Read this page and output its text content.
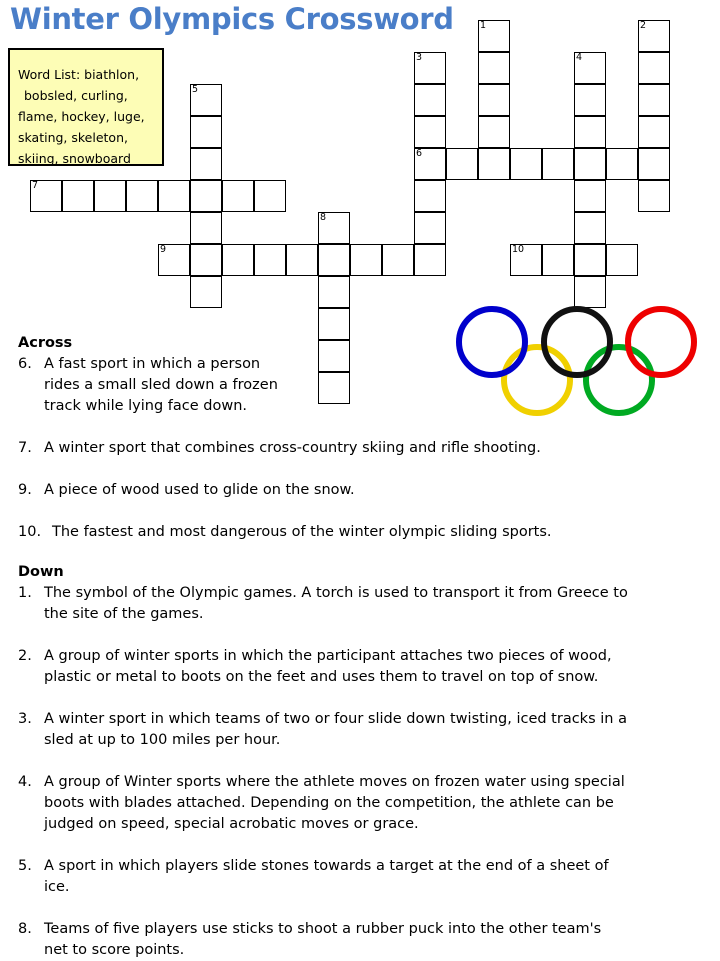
Winter Olympics Crossword
Word List: biathlon,
bobsled, curling,
flame, hockey, luge,
skating, skeleton,
skiing, snowboard
1	2
3	4
5
6
7
8
9	10
Across
6. A fast sport in which a person
rides a small sled down a frozen
track while lying face down.
7. A winter sport that combines cross-country skiing and rifle shooting.
9. A piece of wood used to glide on the snow.
10. The fastest and most dangerous of the winter olympic sliding sports.
Down
1. The symbol of the Olympic games. A torch is used to transport it from Greece to
the site of the games.
2. A group of winter sports in which the participant attaches two pieces of wood,
plastic or metal to boots on the feet and uses them to travel on top of snow.
3. A winter sport in which teams of two or four slide down twisting, iced tracks in a
sled at up to 100 miles per hour.
4. A group of Winter sports where the athlete moves on frozen water using special
boots with blades attached. Depending on the competition, the athlete can be
judged on speed, special acrobatic moves or grace.
5. A sport in which players slide stones towards a target at the end of a sheet of
ice.
8. Teams of five players use sticks to shoot a rubber puck into the other team's
net to score points.
